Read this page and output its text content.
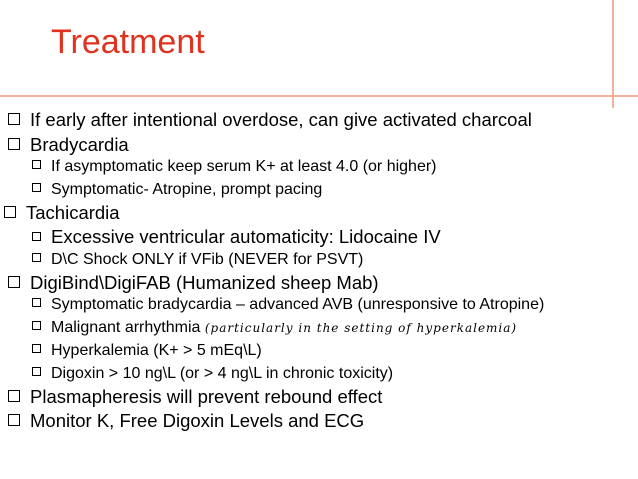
Treatment
If early after intentional overdose, can give activated charcoal
Bradycardia
If asymptomatic keep serum K+ at least 4.0 (or higher)
Symptomatic- Atropine, prompt pacing
Tachicardia
Excessive ventricular automaticity: Lidocaine IV
D\C Shock ONLY if VFib (NEVER for PSVT)
DigiBind\DigiFAB (Humanized sheep Mab)
Symptomatic bradycardia – advanced AVB (unresponsive to Atropine)
Malignant arrhythmia (particularly in the setting of hyperkalemia)
Hyperkalemia (K+ > 5 mEq\L)
Digoxin > 10 ng\L (or > 4 ng\L in chronic toxicity)
Plasmapheresis will prevent rebound effect
Monitor K, Free Digoxin Levels and ECG
